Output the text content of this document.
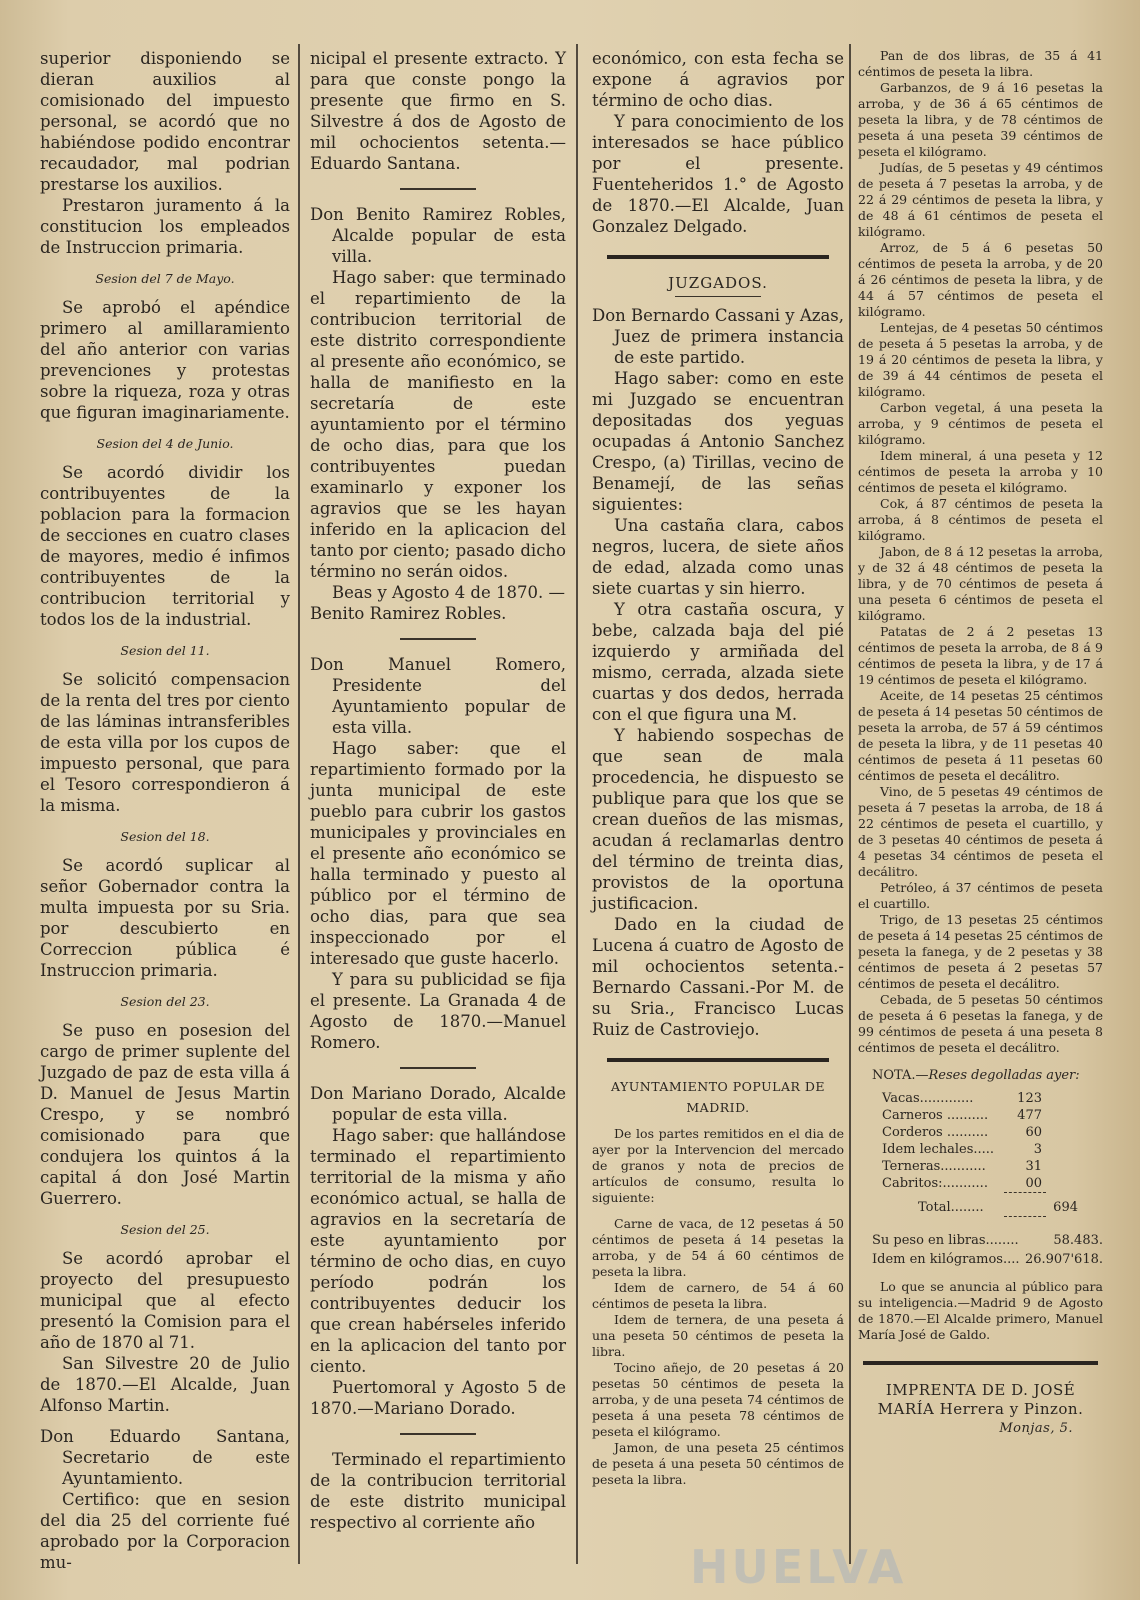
superior disponiendo se dieran auxilios al comisionado del impuesto personal, se acordó que no habiéndose podido encontrar recaudador, mal podrian prestarse los auxilios.

Prestaron juramento á la constitucion los empleados de Instruccion primaria.

Sesion del 7 de Mayo.

Se aprobó el apéndice primero al amillaramiento del año anterior con varias prevenciones y protestas sobre la riqueza, roza y otras que figuran imaginariamente.

Sesion del 4 de Junio.

Se acordó dividir los contribuyentes de la poblacion para la formacion de secciones en cuatro clases de mayores, medio é infimos contribuyentes de la contribucion territorial y todos los de la industrial.

Sesion del 11.

Se solicitó compensacion de la renta del tres por ciento de las láminas intransferibles de esta villa por los cupos de impuesto personal, que para el Tesoro correspondieron á la misma.

Sesion del 18.

Se acordó suplicar al señor Gobernador contra la multa impuesta por su Sria. por descubierto en Correccion pública é Instruccion primaria.

Sesion del 23.

Se puso en posesion del cargo de primer suplente del Juzgado de paz de esta villa á D. Manuel de Jesus Martin Crespo, y se nombró comisionado para que condujera los quintos á la capital á don José Martin Guerrero.

Sesion del 25.

Se acordó aprobar el proyecto del presupuesto municipal que al efecto presentó la Comision para el año de 1870 al 71.

San Silvestre 20 de Julio de 1870.—El Alcalde, Juan Alfonso Martin.

Don Eduardo Santana, Secretario de este Ayuntamiento.

Certifico: que en sesion del dia 25 del corriente fué aprobado por la Corporacion mu-

nicipal el presente extracto. Y para que conste pongo la presente que firmo en S. Silvestre á dos de Agosto de mil ochocientos setenta.—Eduardo Santana.

Don Benito Ramirez Robles, Alcalde popular de esta villa.

Hago saber: que terminado el repartimiento de la contribucion territorial de este distrito correspondiente al presente año económico, se halla de manifiesto en la secretaría de este ayuntamiento por el término de ocho dias, para que los contribuyentes puedan examinarlo y exponer los agravios que se les hayan inferido en la aplicacion del tanto por ciento; pasado dicho término no serán oidos.

Beas y Agosto 4 de 1870. —Benito Ramirez Robles.

Don Manuel Romero, Presidente del Ayuntamiento popular de esta villa.

Hago saber: que el repartimiento formado por la junta municipal de este pueblo para cubrir los gastos municipales y provinciales en el presente año económico se halla terminado y puesto al público por el término de ocho dias, para que sea inspeccionado por el interesado que guste hacerlo.

Y para su publicidad se fija el presente. La Granada 4 de Agosto de 1870.—Manuel Romero.

Don Mariano Dorado, Alcalde popular de esta villa.

Hago saber: que hallándose terminado el repartimiento territorial de la misma y año económico actual, se halla de agravios en la secretaría de este ayuntamiento por término de ocho dias, en cuyo período podrán los contribuyentes deducir los que crean habérseles inferido en la aplicacion del tanto por ciento.

Puertomoral y Agosto 5 de 1870.—Mariano Dorado.

Terminado el repartimiento de la contribucion territorial de este distrito municipal respectivo al corriente año

económico, con esta fecha se expone á agravios por término de ocho dias.

Y para conocimiento de los interesados se hace público por el presente. Fuenteheridos 1.° de Agosto de 1870.—El Alcalde, Juan Gonzalez Delgado.

JUZGADOS.

Don Bernardo Cassani y Azas, Juez de primera instancia de este partido.

Hago saber: como en este mi Juzgado se encuentran depositadas dos yeguas ocupadas á Antonio Sanchez Crespo, (a) Tirillas, vecino de Benamejí, de las señas siguientes:

Una castaña clara, cabos negros, lucera, de siete años de edad, alzada como unas siete cuartas y sin hierro.

Y otra castaña oscura, y bebe, calzada baja del pié izquierdo y armiñada del mismo, cerrada, alzada siete cuartas y dos dedos, herrada con el que figura una M.

Y habiendo sospechas de que sean de mala procedencia, he dispuesto se publique para que los que se crean dueños de las mismas, acudan á reclamarlas dentro del término de treinta dias, provistos de la oportuna justificacion.

Dado en la ciudad de Lucena á cuatro de Agosto de mil ochocientos setenta.-Bernardo Cassani.-Por M. de su Sria., Francisco Lucas Ruiz de Castroviejo.

AYUNTAMIENTO POPULAR DE
MADRID.

De los partes remitidos en el dia de ayer por la Intervencion del mercado de granos y nota de precios de artículos de consumo, resulta lo siguiente:

Carne de vaca, de 12 pesetas á 50 céntimos de peseta á 14 pesetas la arroba, y de 54 á 60 céntimos de peseta la libra.

Idem de carnero, de 54 á 60 céntimos de peseta la libra.

Idem de ternera, de una peseta á una peseta 50 céntimos de peseta la libra.

Tocino añejo, de 20 pesetas á 20 pesetas 50 céntimos de peseta la arroba, y de una peseta 74 céntimos de peseta á una peseta 78 céntimos de peseta el kilógramo.

Jamon, de una peseta 25 céntimos de peseta á una peseta 50 céntimos de peseta la libra.

Pan de dos libras, de 35 á 41 céntimos de peseta la libra.

Garbanzos, de 9 á 16 pesetas la arroba, y de 36 á 65 céntimos de peseta la libra, y de 78 céntimos de peseta á una peseta 39 céntimos de peseta el kilógramo.

Judías, de 5 pesetas y 49 céntimos de peseta á 7 pesetas la arroba, y de 22 á 29 céntimos de peseta la libra, y de 48 á 61 céntimos de peseta el kilógramo.

Arroz, de 5 á 6 pesetas 50 céntimos de peseta la arroba, y de 20 á 26 céntimos de peseta la libra, y de 44 á 57 céntimos de peseta el kilógramo.

Lentejas, de 4 pesetas 50 céntimos de peseta á 5 pesetas la arroba, y de 19 á 20 céntimos de peseta la libra, y de 39 á 44 céntimos de peseta el kilógramo.

Carbon vegetal, á una peseta la arroba, y 9 céntimos de peseta el kilógramo.

Idem mineral, á una peseta y 12 céntimos de peseta la arroba y 10 céntimos de peseta el kilógramo.

Cok, á 87 céntimos de peseta la arroba, á 8 céntimos de peseta el kilógramo.

Jabon, de 8 á 12 pesetas la arroba, y de 32 á 48 céntimos de peseta la libra, y de 70 céntimos de peseta á una peseta 6 céntimos de peseta el kilógramo.

Patatas de 2 á 2 pesetas 13 céntimos de peseta la arroba, de 8 á 9 céntimos de peseta la libra, y de 17 á 19 céntimos de peseta el kilógramo.

Aceite, de 14 pesetas 25 céntimos de peseta á 14 pesetas 50 céntimos de peseta la arroba, de 57 á 59 céntimos de peseta la libra, y de 11 pesetas 40 céntimos de peseta á 11 pesetas 60 céntimos de peseta el decálitro.

Vino, de 5 pesetas 49 céntimos de peseta á 7 pesetas la arroba, de 18 á 22 céntimos de peseta el cuartillo, y de 3 pesetas 40 céntimos de peseta á 4 pesetas 34 céntimos de peseta el decálitro.

Petróleo, á 37 céntimos de peseta el cuartillo.

Trigo, de 13 pesetas 25 céntimos de peseta á 14 pesetas 25 céntimos de peseta la fanega, y de 2 pesetas y 38 céntimos de peseta á 2 pesetas 57 céntimos de peseta el decálitro.

Cebada, de 5 pesetas 50 céntimos de peseta á 6 pesetas la fanega, y de 99 céntimos de peseta á una peseta 8 céntimos de peseta el decálitro.

NOTA.—Reses degolladas ayer:
Vacas.............	123
Carneros ..........	477
Corderos ..........	60
Idem lechales.....	3
Terneras...........	31
Cabritos:...........	00
Total........	694
Su peso en libras........	58.483.
Idem en kilógramos.... 26.907'618.

Lo que se anuncia al público para su inteligencia.—Madrid 9 de Agosto de 1870.—El Alcalde primero, Manuel María José de Galdo.

IMPRENTA DE D. JOSÉ MARÍA Herrera y Pinzon.
Monjas, 5.
HUELVA
